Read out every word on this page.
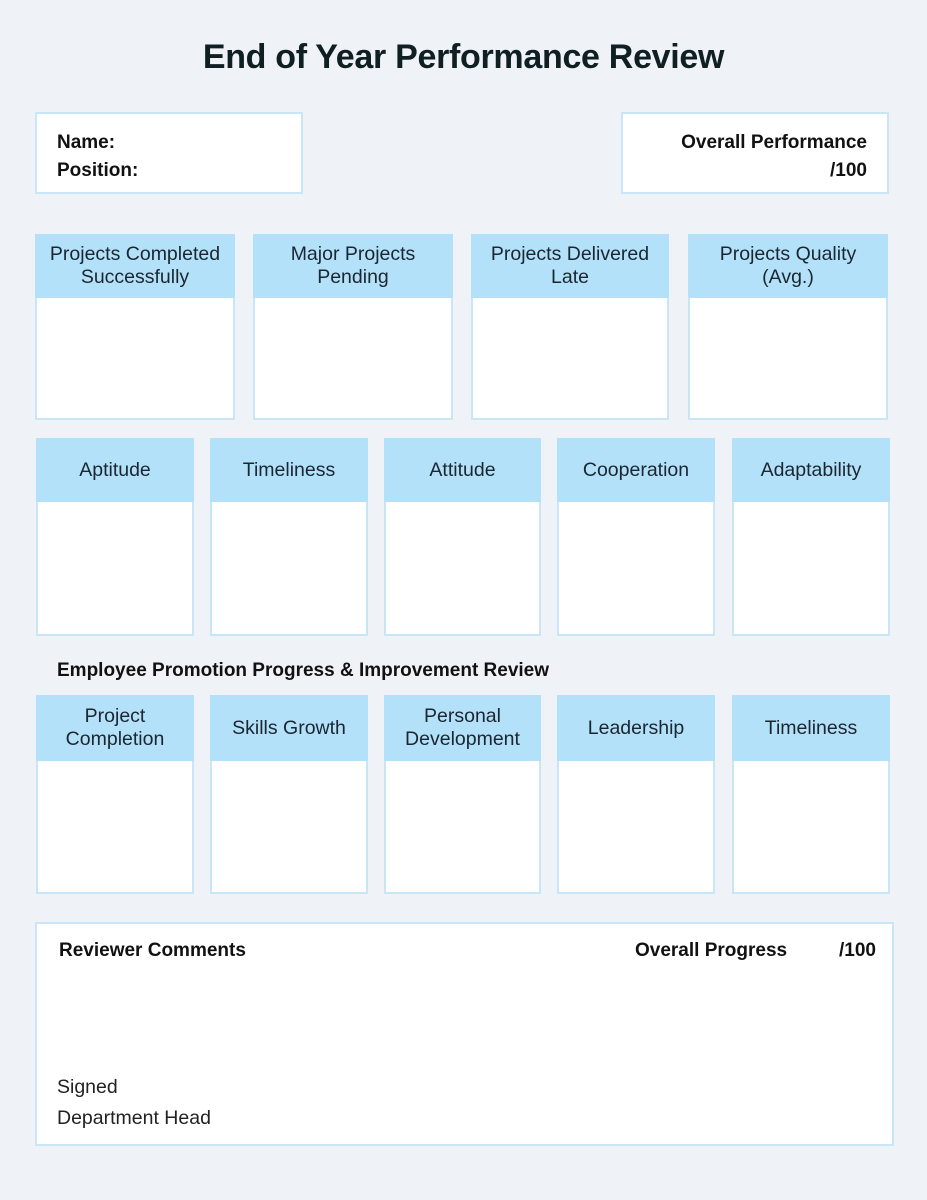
End of Year Performance Review
Name:
Position:
Overall Performance
/100
Projects Completed Successfully
Major Projects Pending
Projects Delivered Late
Projects Quality (Avg.)
Aptitude	Timeliness	Attitude	Cooperation	Adaptability
Employee Promotion Progress & Improvement Review
Project Completion
Skills Growth
Personal Development
Leadership	Timeliness
Reviewer Comments	Overall Progress	/100
Signed
Department Head
